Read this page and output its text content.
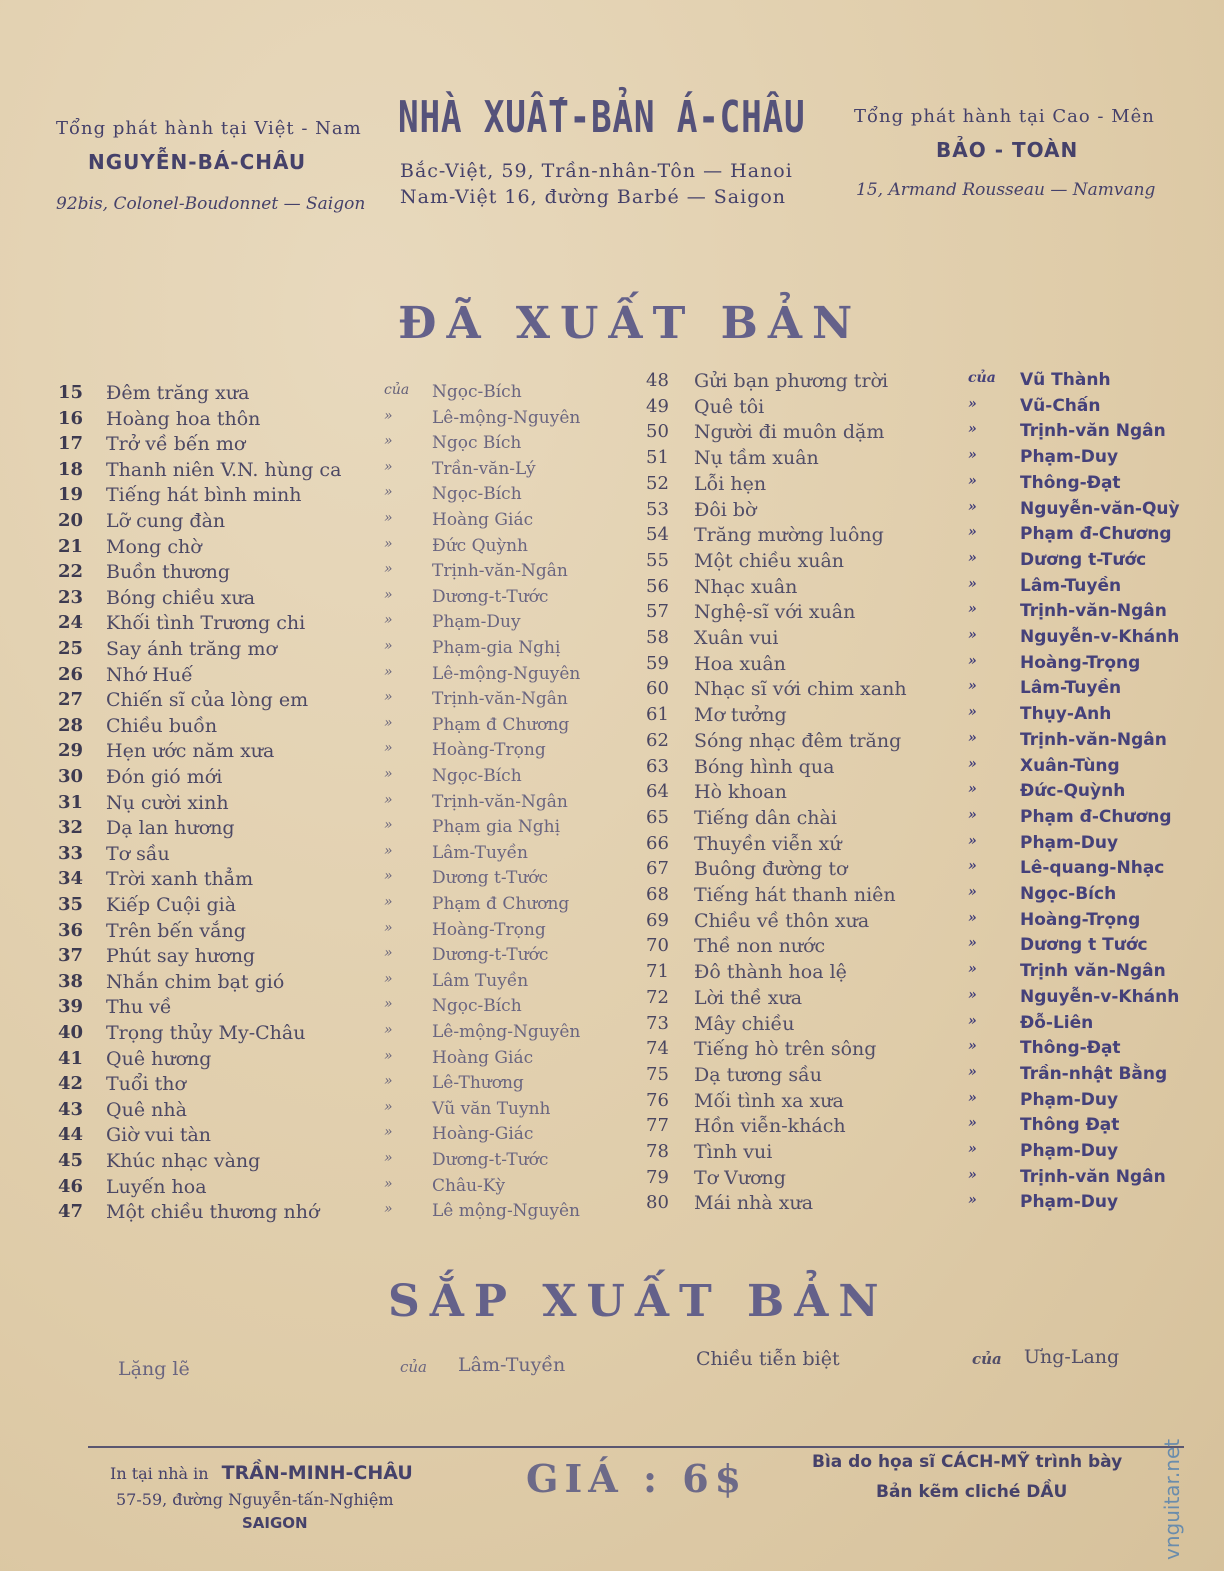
Tổng phát hành tại Việt - Nam
NGUYỄN-BÁ-CHÂU
92bis, Colonel-Boudonnet — Saigon
NHÀ XUẤT-BẢN Á-CHÂU
Bắc-Việt, 59, Trần-nhân-Tôn — Hanoi
Nam-Việt 16, đường Barbé — Saigon
Tổng phát hành tại Cao - Mên
BẢO - TOÀN
15, Armand Rousseau — Namvang
ĐÃ XUẤT BẢN
15	Đêm trăng xưa	của Ngọc-Bích
16	Hoàng hoa thôn	» Lê-mộng-Nguyên
17	Trở về bến mơ	» Ngọc Bích
18	Thanh niên V.N. hùng ca	» Trần-văn-Lý
19	Tiếng hát bình minh	» Ngọc-Bích
20	Lỡ cung đàn	» Hoàng Giác
21	Mong chờ	» Đức Quỳnh
22	Buồn thương	» Trịnh-văn-Ngân
23	Bóng chiều xưa	» Dương-t-Tước
24	Khối tình Trương chi	» Phạm-Duy
25	Say ánh trăng mơ	» Phạm-gia Nghị
26	Nhớ Huế	» Lê-mộng-Nguyên
27	Chiến sĩ của lòng em	» Trịnh-văn-Ngân
28	Chiều buồn	» Phạm đ Chương
29	Hẹn ước năm xưa	» Hoàng-Trọng
30	Đón gió mới	» Ngọc-Bích
31	Nụ cười xinh	» Trịnh-văn-Ngân
32	Dạ lan hương	» Phạm gia Nghị
33	Tơ sầu	» Lâm-Tuyền
34	Trời xanh thẳm	» Dương t-Tước
35	Kiếp Cuội già	» Phạm đ Chương
36	Trên bến vắng	» Hoàng-Trọng
37	Phút say hương	» Dương-t-Tước
38	Nhắn chim bạt gió	» Lâm Tuyền
39	Thu về	» Ngọc-Bích
40	Trọng thủy My-Châu	» Lê-mộng-Nguyên
41	Quê hương	» Hoàng Giác
42	Tuổi thơ	» Lê-Thương
43	Quê nhà	» Vũ văn Tuynh
44	Giờ vui tàn	» Hoàng-Giác
45	Khúc nhạc vàng	» Dương-t-Tước
46	Luyến hoa	» Châu-Kỳ
47	Một chiều thương nhớ	» Lê mộng-Nguyên
48	Gửi bạn phương trời	của Vũ Thành
49	Quê tôi	»	Vũ-Chấn
50	Người đi muôn dặm	»	Trịnh-văn Ngân
51	Nụ tầm xuân	»	Phạm-Duy
52	Lỗi hẹn	»	Thông-Đạt
53	Đôi bờ	»	Nguyễn-văn-Quỳ
54	Trăng mường luông	»	Phạm đ-Chương
55	Một chiều xuân	»	Dương t-Tước
56	Nhạc xuân	»	Lâm-Tuyền
57	Nghệ-sĩ với xuân	»	Trịnh-văn-Ngân
58	Xuân vui	»	Nguyễn-v-Khánh
59	Hoa xuân	»	Hoàng-Trọng
60	Nhạc sĩ với chim xanh	»	Lâm-Tuyền
61	Mơ tưởng	»	Thụy-Anh
62	Sóng nhạc đêm trăng	»	Trịnh-văn-Ngân
63	Bóng hình qua	»	Xuân-Tùng
64	Hò khoan	»	Đức-Quỳnh
65	Tiếng dân chài	»	Phạm đ-Chương
66	Thuyền viễn xứ	»	Phạm-Duy
67	Buông đường tơ	»	Lê-quang-Nhạc
68	Tiếng hát thanh niên	»	Ngọc-Bích
69	Chiều về thôn xưa	»	Hoàng-Trọng
70	Thề non nước	»	Dương t Tước
71	Đô thành hoa lệ	»	Trịnh văn-Ngân
72	Lời thề xưa	»	Nguyễn-v-Khánh
73	Mây chiều	»	Đỗ-Liên
74	Tiếng hò trên sông	»	Thông-Đạt
75	Dạ tương sầu	»	Trần-nhật Bằng
76	Mối tình xa xưa	»	Phạm-Duy
77	Hồn viễn-khách	»	Thông Đạt
78	Tình vui	»	Phạm-Duy
79	Tơ Vương	»	Trịnh-văn Ngân
80	Mái nhà xưa	»	Phạm-Duy
SẮP XUẤT BẢN
Lặng lẽ	của Lâm-Tuyền	Chiều tiễn biệt	của Ưng-Lang
In tại nhà in TRẦN-MINH-CHÂU
57-59, đường Nguyễn-tấn-Nghiệm
SAIGON
GIÁ : 6$	Bìa do họa sĩ CÁCH-MỸ trình bày
Bản kẽm cliché DẦU	vnguitar.net
